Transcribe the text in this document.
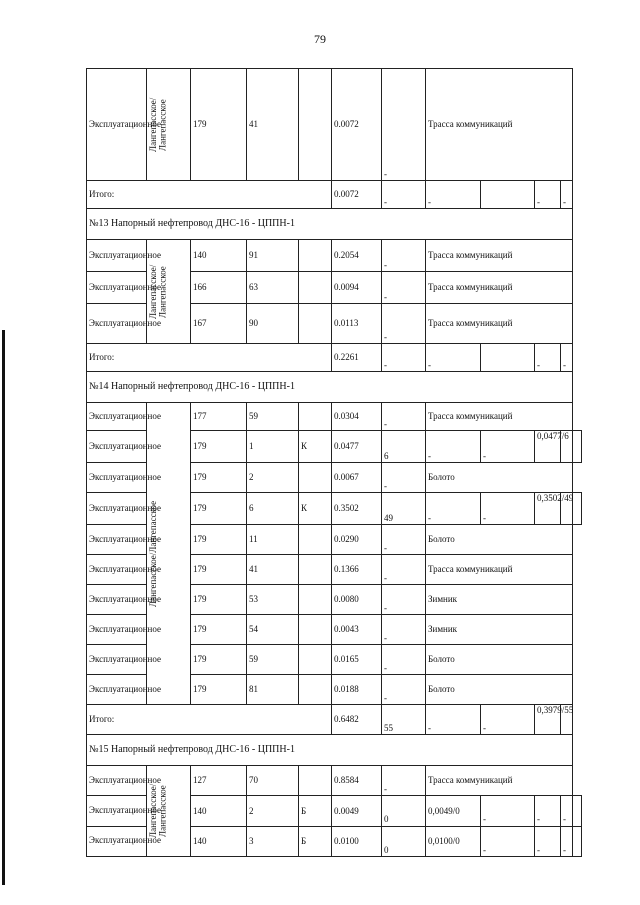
79
Эксплуатационное	Лангепасское/Лангепасское	179	41		0.0072	-	Трасса коммуникаций				
Итого:					0.0072	-	-		-	-	
№13 Напорный нефтепровод ДНС-16 - ЦППН-1											
Эксплуатационное	Лангепасское/Лангепасское	140	91		0.2054	-	Трасса коммуникаций				
Эксплуатационное		166	63		0.0094	-	Трасса коммуникаций				
Эксплуатационное		167	90		0.0113	-	Трасса коммуникаций				
Итого:					0.2261	-	-		-	-	
№14 Напорный нефтепровод ДНС-16 - ЦППН-1											
Эксплуатационное	Лангепасское/Лангепасское	177	59		0.0304	-	Трасса коммуникаций				
Эксплуатационное		179	1	К	0.0477	6	-	-	0,0477/6		
Эксплуатационное		179	2		0.0067	-	Болото				
Эксплуатационное		179	6	К	0.3502	49	-	-	0,3502/49		
Эксплуатационное		179	11		0.0290	-	Болото				
Эксплуатационное		179	41		0.1366	-	Трасса коммуникаций				
Эксплуатационное		179	53		0.0080	-	Зимник				
Эксплуатационное		179	54		0.0043	-	Зимник				
Эксплуатационное		179	59		0.0165	-	Болото				
Эксплуатационное		179	81		0.0188	-	Болото				
Итого:					0.6482	55	-	-	0,3979/55		
№15 Напорный нефтепровод ДНС-16 - ЦППН-1											
Эксплуатационное	Лангепасское/Лангепасское	127	70		0.8584	-	Трасса коммуникаций				
Эксплуатационное		140	2	Б	0.0049	0	0,0049/0	-	-	-	
Эксплуатационное		140	3	Б	0.0100	0	0,0100/0	-	-	-	
